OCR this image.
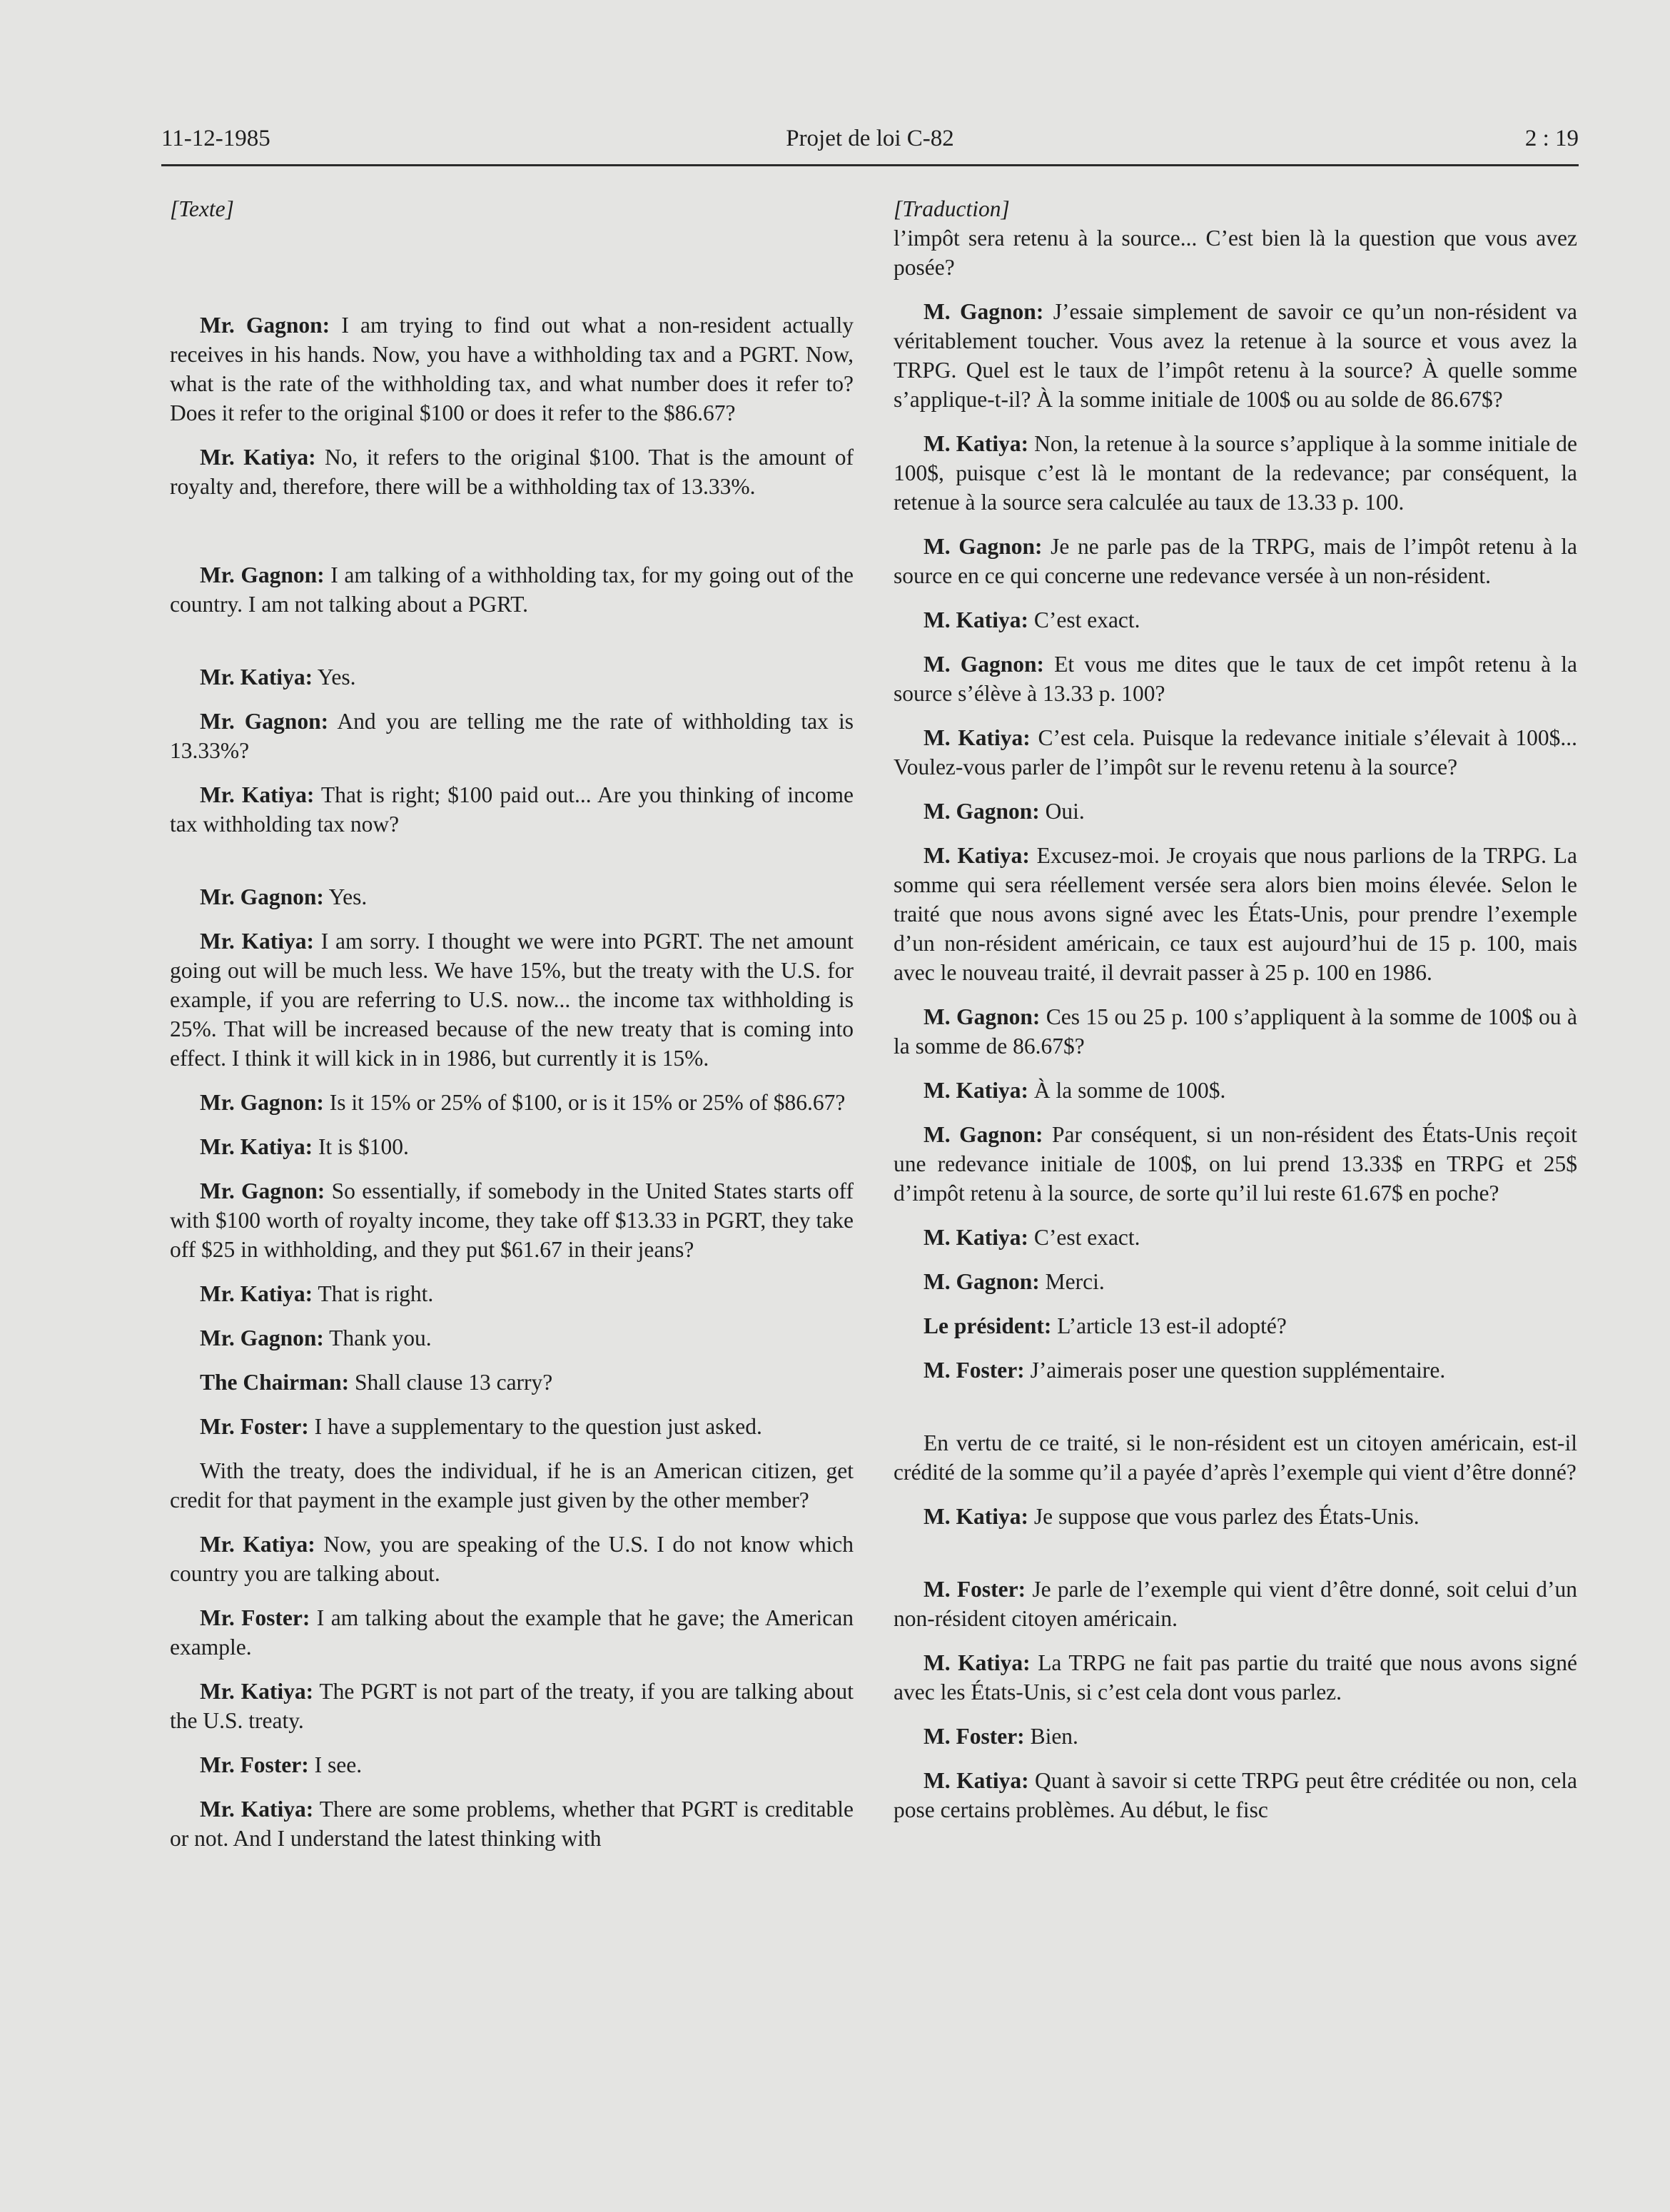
11-12-1985	Projet de loi C-82	2 : 19
[Texte]

Mr. Gagnon: I am trying to find out what a non-resident actually receives in his hands. Now, you have a withholding tax and a PGRT. Now, what is the rate of the withholding tax, and what number does it refer to? Does it refer to the original $100 or does it refer to the $86.67?

Mr. Katiya: No, it refers to the original $100. That is the amount of royalty and, therefore, there will be a withholding tax of 13.33%.

Mr. Gagnon: I am talking of a withholding tax, for my going out of the country. I am not talking about a PGRT.

Mr. Katiya: Yes.

Mr. Gagnon: And you are telling me the rate of withholding tax is 13.33%?

Mr. Katiya: That is right; $100 paid out... Are you thinking of income tax withholding tax now?

Mr. Gagnon: Yes.

Mr. Katiya: I am sorry. I thought we were into PGRT. The net amount going out will be much less. We have 15%, but the treaty with the U.S. for example, if you are referring to U.S. now... the income tax withholding is 25%. That will be increased because of the new treaty that is coming into effect. I think it will kick in in 1986, but currently it is 15%.

Mr. Gagnon: Is it 15% or 25% of $100, or is it 15% or 25% of $86.67?

Mr. Katiya: It is $100.

Mr. Gagnon: So essentially, if somebody in the United States starts off with $100 worth of royalty income, they take off $13.33 in PGRT, they take off $25 in withholding, and they put $61.67 in their jeans?

Mr. Katiya: That is right.

Mr. Gagnon: Thank you.

The Chairman: Shall clause 13 carry?

Mr. Foster: I have a supplementary to the question just asked.

With the treaty, does the individual, if he is an American citizen, get credit for that payment in the example just given by the other member?

Mr. Katiya: Now, you are speaking of the U.S. I do not know which country you are talking about.

Mr. Foster: I am talking about the example that he gave; the American example.

Mr. Katiya: The PGRT is not part of the treaty, if you are talking about the U.S. treaty.

Mr. Foster: I see.

Mr. Katiya: There are some problems, whether that PGRT is creditable or not. And I understand the latest thinking with

[Traduction]

l’impôt sera retenu à la source... C’est bien là la question que vous avez posée?

M. Gagnon: J’essaie simplement de savoir ce qu’un non-résident va véritablement toucher. Vous avez la retenue à la source et vous avez la TRPG. Quel est le taux de l’impôt retenu à la source? À quelle somme s’applique-t-il? À la somme initiale de 100$ ou au solde de 86.67$?

M. Katiya: Non, la retenue à la source s’applique à la somme initiale de 100$, puisque c’est là le montant de la redevance; par conséquent, la retenue à la source sera calculée au taux de 13.33 p. 100.

M. Gagnon: Je ne parle pas de la TRPG, mais de l’impôt retenu à la source en ce qui concerne une redevance versée à un non-résident.

M. Katiya: C’est exact.

M. Gagnon: Et vous me dites que le taux de cet impôt retenu à la source s’élève à 13.33 p. 100?

M. Katiya: C’est cela. Puisque la redevance initiale s’élevait à 100$... Voulez-vous parler de l’impôt sur le revenu retenu à la source?

M. Gagnon: Oui.

M. Katiya: Excusez-moi. Je croyais que nous parlions de la TRPG. La somme qui sera réellement versée sera alors bien moins élevée. Selon le traité que nous avons signé avec les États-Unis, pour prendre l’exemple d’un non-résident américain, ce taux est aujourd’hui de 15 p. 100, mais avec le nouveau traité, il devrait passer à 25 p. 100 en 1986.

M. Gagnon: Ces 15 ou 25 p. 100 s’appliquent à la somme de 100$ ou à la somme de 86.67$?

M. Katiya: À la somme de 100$.

M. Gagnon: Par conséquent, si un non-résident des États-Unis reçoit une redevance initiale de 100$, on lui prend 13.33$ en TRPG et 25$ d’impôt retenu à la source, de sorte qu’il lui reste 61.67$ en poche?

M. Katiya: C’est exact.

M. Gagnon: Merci.

Le président: L’article 13 est-il adopté?

M. Foster: J’aimerais poser une question supplémentaire.

En vertu de ce traité, si le non-résident est un citoyen américain, est-il crédité de la somme qu’il a payée d’après l’exemple qui vient d’être donné?

M. Katiya: Je suppose que vous parlez des États-Unis.

M. Foster: Je parle de l’exemple qui vient d’être donné, soit celui d’un non-résident citoyen américain.

M. Katiya: La TRPG ne fait pas partie du traité que nous avons signé avec les États-Unis, si c’est cela dont vous parlez.

M. Foster: Bien.

M. Katiya: Quant à savoir si cette TRPG peut être créditée ou non, cela pose certains problèmes. Au début, le fisc
